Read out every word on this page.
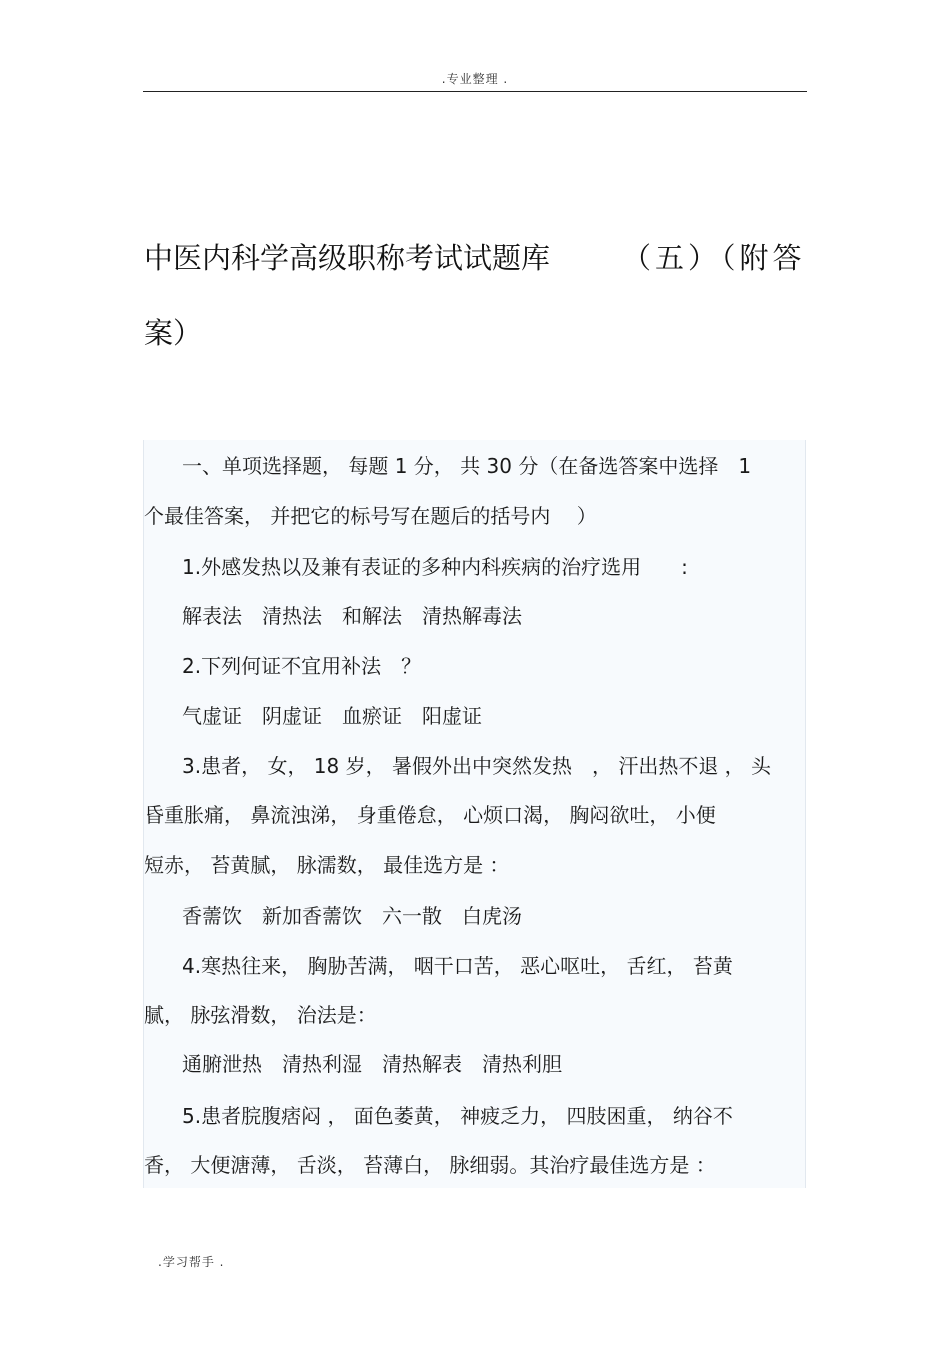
.专业整理 .
中医内科学高级职称考试试题库 （五）（附答
案）
一、单项选择题， 每题 1 分， 共 30 分（在备选答案中选择　1
个最佳答案， 并把它的标号写在题后的括号内　 ）
1.外感发热以及兼有表证的多种内科疾病的治疗选用　　:
解表法　清热法　和解法　清热解毒法
2.下列何证不宜用补法　？
气虚证　阴虚证　血瘀证　阳虚证
3.患者， 女， 18 岁， 暑假外出中突然发热　， 汗出热不退 ， 头
昏重胀痛， 鼻流浊涕， 身重倦怠， 心烦口渴， 胸闷欲吐， 小便
短赤， 苔黄腻， 脉濡数， 最佳选方是 ：
香薷饮　新加香薷饮　六一散　白虎汤
4.寒热往来， 胸胁苦满， 咽干口苦， 恶心呕吐， 舌红， 苔黄
腻， 脉弦滑数， 治法是：
通腑泄热　清热利湿　清热解表　清热利胆
5.患者脘腹痞闷 ， 面色萎黄， 神疲乏力， 四肢困重， 纳谷不
香， 大便溏薄， 舌淡， 苔薄白， 脉细弱。其治疗最佳选方是 ：
.学习帮手 .
